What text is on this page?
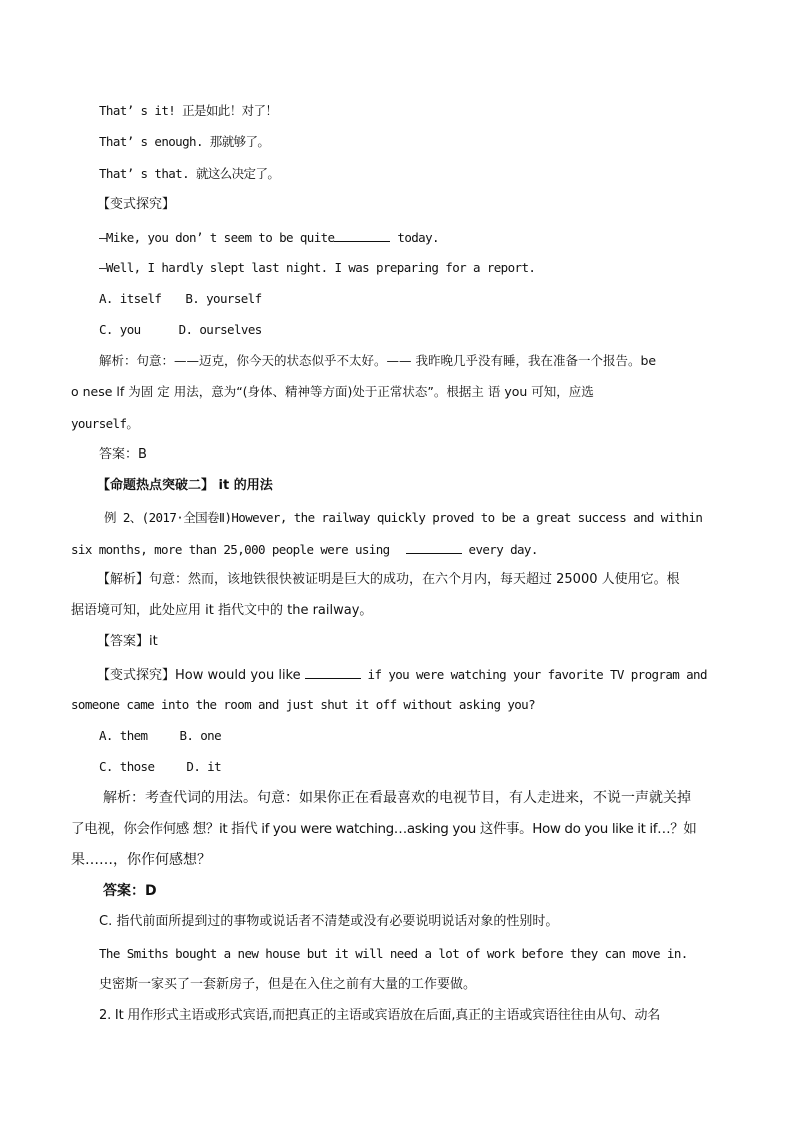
That’ s it! 正是如此！对了！
That’ s enough. 那就够了。
That’ s that. 就这么决定了。
【变式探究】
—Mike, you don’ t seem to be quite	today.
—Well, I hardly slept last night. I was preparing for a report.
A. itself B. yourself
C. you	D. ourselves
解析：句意：——迈克，你今天的状态似乎不太好。—— 我昨晚几乎没有睡，我在准备一个报告。be
o nese lf 为固 定 用法，意为“(身体、精神等方面)处于正常状态”。根据主 语 you 可知，应选
yourself。
答案：B
【命题热点突破二】 it 的用法
例 2、(2017·全国卷Ⅱ)However, the railway quickly proved to be a great success and within
six months, more than 25,000 people were using	every day.
【解析】句意：然而，该地铁很快被证明是巨大的成功，在六个月内，每天超过 25000 人使用它。根
据语境可知，此处应用 it 指代文中的 the railway。
【答案】it
【变式探究】How would you like	if you were watching your favorite TV program and
someone came into the room and just shut it off without asking you?
A. them	B. one
C. those	D. it
解析：考查代词的用法。句意：如果你正在看最喜欢的电视节目，有人走进来，不说一声就关掉
了电视，你会作何感 想？it 指代 if you were watching…asking you 这件事。How do you like it if…？如
果……，你作何感想？
答案：D
C. 指代前面所提到过的事物或说话者不清楚或没有必要说明说话对象的性别时。
The Smiths bought a new house but it will need a lot of work before they can move in.
史密斯一家买了一套新房子，但是在入住之前有大量的工作要做。
2. It 用作形式主语或形式宾语,而把真正的主语或宾语放在后面,真正的主语或宾语往往由从句、动名
